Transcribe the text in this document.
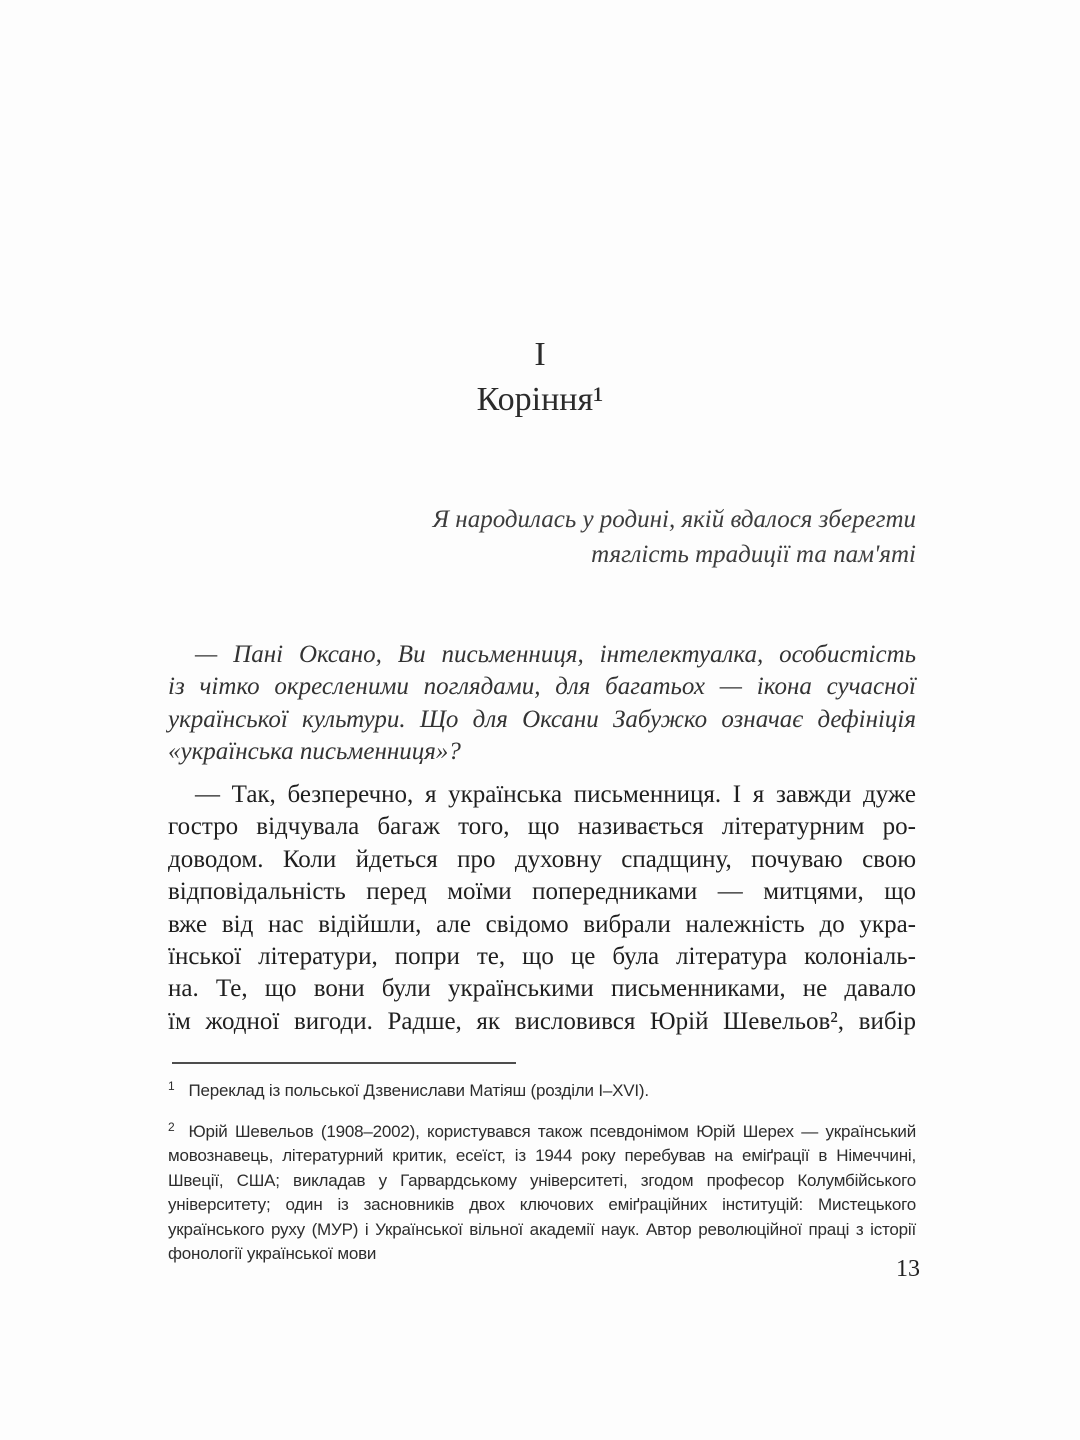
I
Коріння¹
Я народилась у родині, якій вдалося зберегти
тяглість традиції та пам'яті
— Пані Оксано, Ви письменниця, інтелектуалка, особистість
із чітко окресленими поглядами, для багатьох — ікона сучасної
української культури. Що для Оксани Забужко означає дефініція
«українська письменниця»?
— Так, безперечно, я українська письменниця. І я завжди дуже
гостро відчувала багаж того, що називається літературним ро-
доводом. Коли йдеться про духовну спадщину, почуваю свою
відповідальність перед моїми попередниками — митцями, що
вже від нас відійшли, але свідомо вибрали належність до укра-
їнської літератури, попри те, що це була література колоніаль-
на. Те, що вони були українськими письменниками, не давало
їм жодної вигоди. Радше, як висловився Юрій Шевельов², вибір
1 Переклад із польської Дзвенислави Матіяш (розділи I–XVI).
2 Юрій Шевельов (1908–2002), користувався також псевдонімом Юрій Шерех — український мовознавець, літературний критик, есеїст, із 1944 року перебував на еміґрації в Німеччині, Швеції, США; викладав у Гарвардському університеті, згодом професор Колумбійського університету; один із засновників двох ключових еміґраційних інституцій: Мистецького українського руху (МУР) і Української вільної академії наук. Автор революційної праці з історії фонології української мови
13
